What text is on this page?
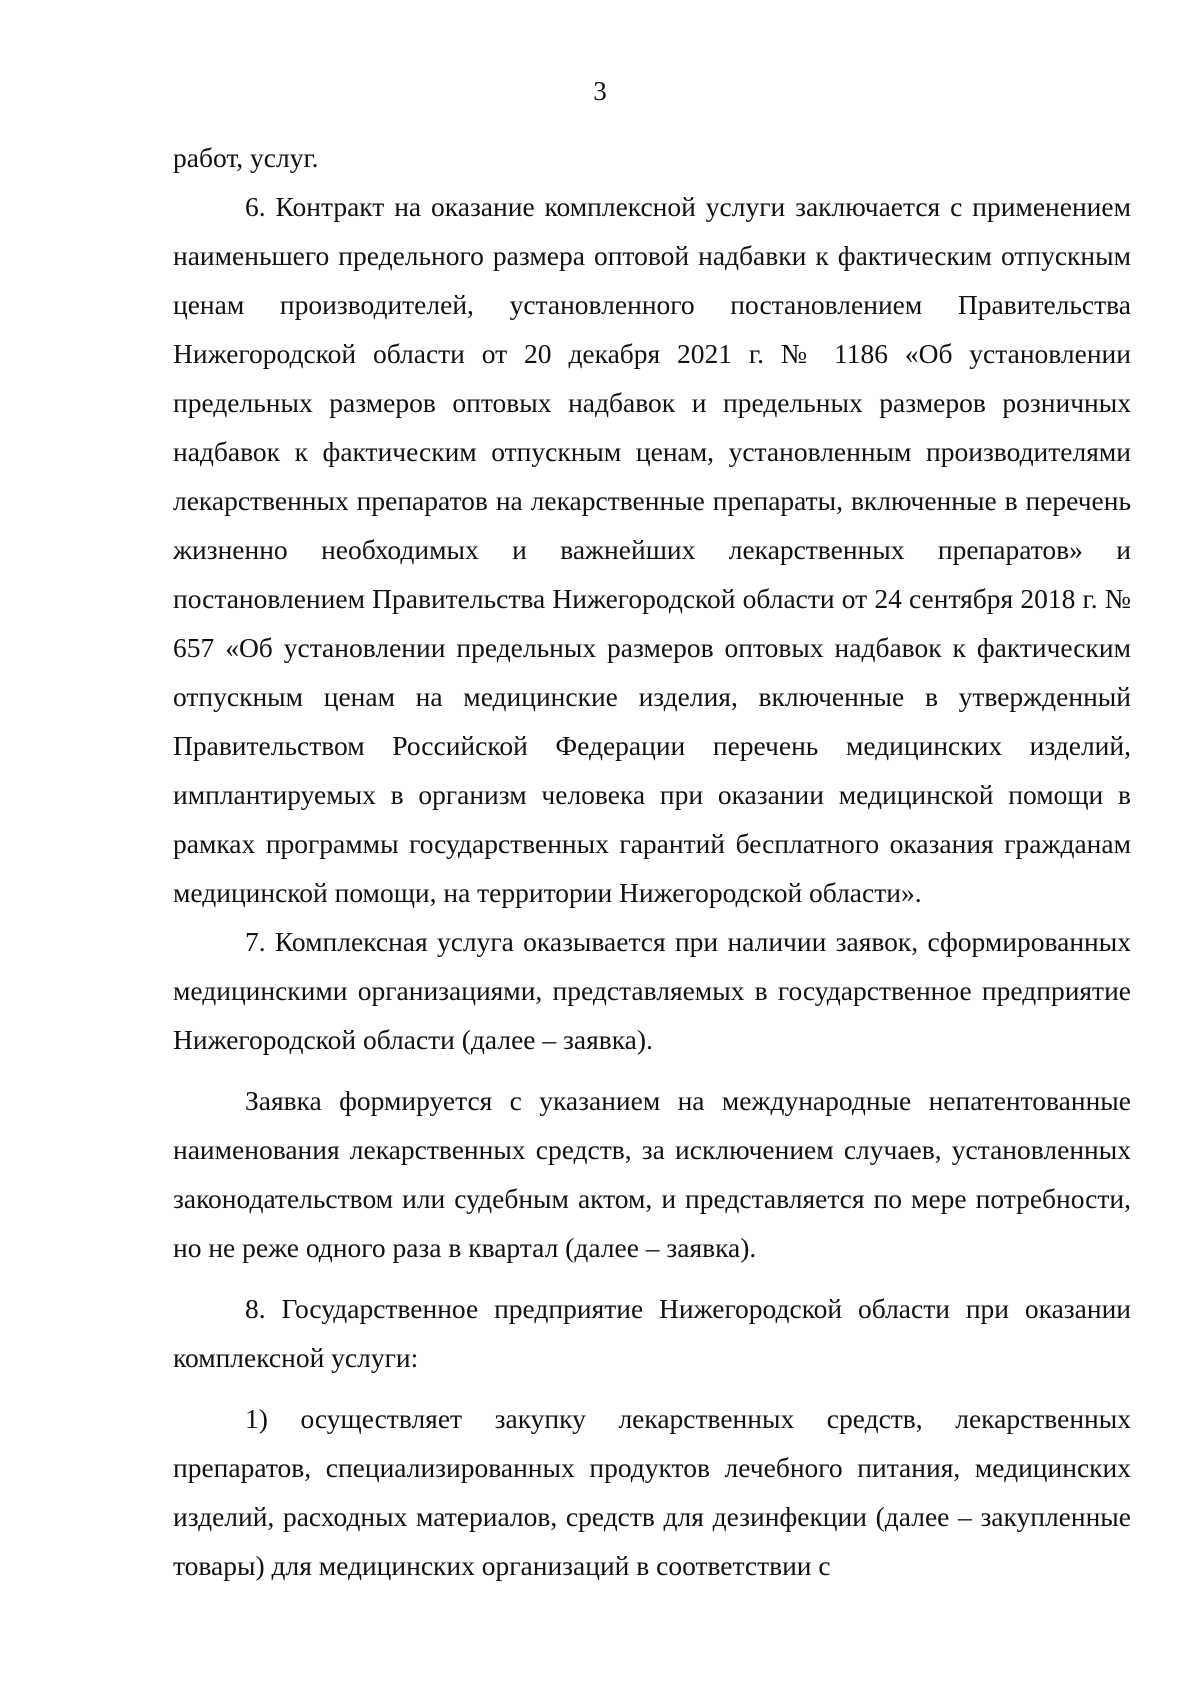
3

работ, услуг.

6. Контракт на оказание комплексной услуги заключается с применением наименьшего предельного размера оптовой надбавки к фактическим отпускным ценам производителей, установленного постановлением Правительства Нижегородской области от 20 декабря 2021 г. № 1186 «Об установлении предельных размеров оптовых надбавок и предельных размеров розничных надбавок к фактическим отпускным ценам, установленным производителями лекарственных препаратов на лекарственные препараты, включенные в перечень жизненно необходимых и важнейших лекарственных препаратов» и постановлением Правительства Нижегородской области от 24 сентября 2018 г. № 657 «Об установлении предельных размеров оптовых надбавок к фактическим отпускным ценам на медицинские изделия, включенные в утвержденный Правительством Российской Федерации перечень медицинских изделий, имплантируемых в организм человека при оказании медицинской помощи в рамках программы государственных гарантий бесплатного оказания гражданам медицинской помощи, на территории Нижегородской области».

7. Комплексная услуга оказывается при наличии заявок, сформированных медицинскими организациями, представляемых в государственное предприятие Нижегородской области (далее – заявка).

Заявка формируется с указанием на международные непатентованные наименования лекарственных средств, за исключением случаев, установленных законодательством или судебным актом, и представляется по мере потребности, но не реже одного раза в квартал (далее – заявка).

8. Государственное предприятие Нижегородской области при оказании комплексной услуги:

1) осуществляет закупку лекарственных средств, лекарственных препаратов, специализированных продуктов лечебного питания, медицинских изделий, расходных материалов, средств для дезинфекции (далее – закупленные товары) для медицинских организаций в соответствии с
